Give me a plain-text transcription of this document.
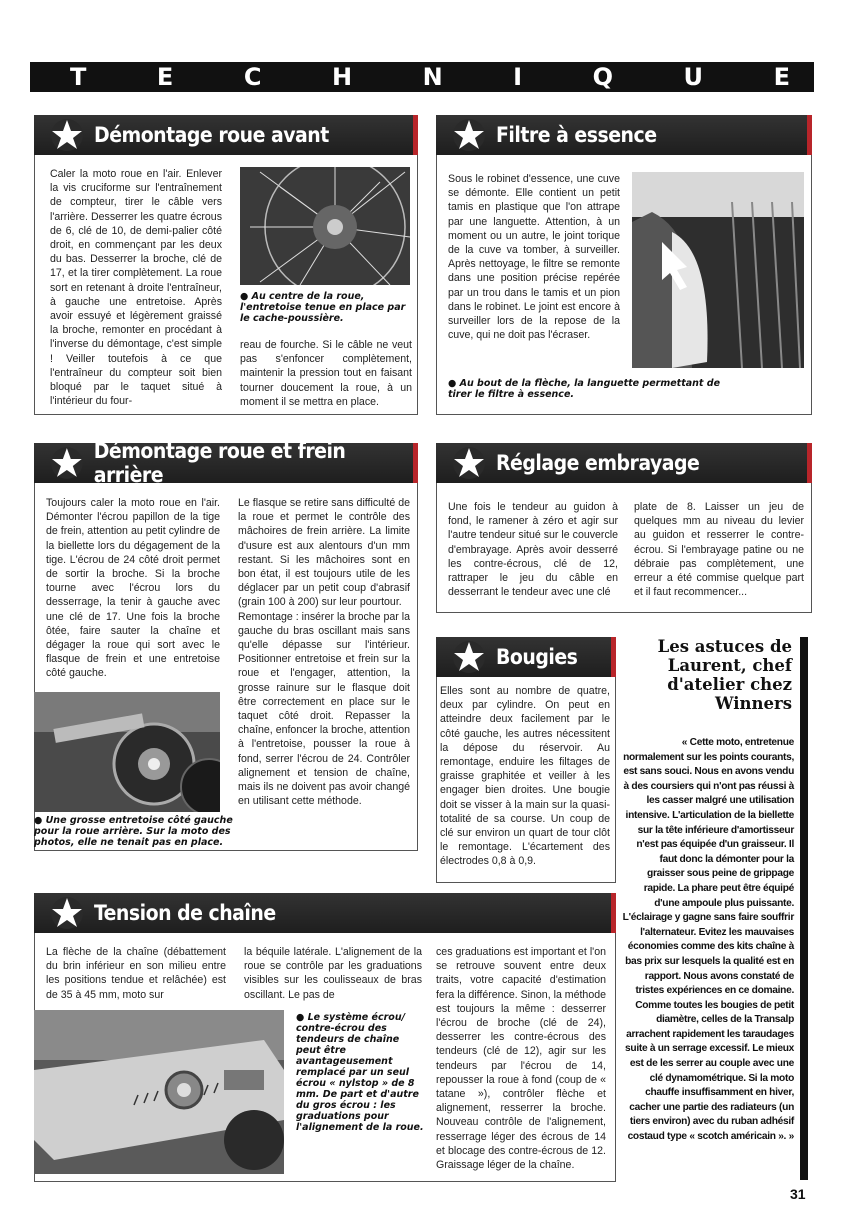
T	E	C	H	N	I	Q	U	E
Démontage roue avant
Caler la moto roue en l'air. Enlever la vis cruciforme sur l'entraînement de compteur, tirer le câble vers l'arrière. Desserrer les quatre écrous de 6, clé de 10, de demi-palier côté droit, en commençant par les deux du bas. Desserrer la broche, clé de 17, et la tirer complètement. La roue sort en retenant à droite l'entraîneur, à gauche une entretoise. Après avoir essuyé et légèrement graissé la broche, remonter en procédant à l'inverse du démontage, c'est simple ! Veiller toutefois à ce que l'entraîneur du compteur soit bien bloqué par le taquet situé à l'intérieur du four-
● Au centre de la roue, l'entretoise tenue en place par le cache-poussière.
reau de fourche. Si le câble ne veut pas s'enfoncer complètement, maintenir la pression tout en faisant tourner doucement la roue, à un moment il se mettra en place.
Filtre à essence
Sous le robinet d'essence, une cuve se démonte. Elle contient un petit tamis en plastique que l'on attrape par une languette. Attention, à un moment ou un autre, le joint torique de la cuve va tomber, à surveiller. Après nettoyage, le filtre se remonte dans une position précise repérée par un trou dans le tamis et un pion dans le robinet. Le joint est encore à surveiller lors de la repose de la cuve, qui ne doit pas l'écraser.
● Au bout de la flèche, la languette permettant de tirer le filtre à essence.
Démontage roue et frein arrière
Toujours caler la moto roue en l'air. Démonter l'écrou papillon de la tige de frein, attention au petit cylindre de la biellette lors du dégagement de la tige. L'écrou de 24 côté droit permet de sortir la broche. Si la broche tourne avec l'écrou lors du desserrage, la tenir à gauche avec une clé de 17. Une fois la broche ôtée, faire sauter la chaîne et dégager la roue qui sort avec le flasque de frein et une entretoise côté gauche.
● Une grosse entretoise côté gauche pour la roue arrière. Sur la moto des photos, elle ne tenait pas en place.
Le flasque se retire sans difficulté de la roue et permet le contrôle des mâchoires de frein arrière. La limite d'usure est aux alentours d'un mm restant. Si les mâchoires sont en bon état, il est toujours utile de les déglacer par un petit coup d'abrasif (grain 100 à 200) sur leur pourtour.
Remontage : insérer la broche par la gauche du bras oscillant mais sans qu'elle dépasse sur l'intérieur. Positionner entretoise et frein sur la roue et l'engager, attention, la grosse rainure sur le flasque doit être correctement en place sur le taquet côté droit. Repasser la chaîne, enfoncer la broche, attention à l'entretoise, pousser la roue à fond, serrer l'écrou de 24. Contrôler alignement et tension de chaîne, mais ils ne doivent pas avoir changé en utilisant cette méthode.
Réglage embrayage
Une fois le tendeur au guidon à fond, le ramener à zéro et agir sur l'autre tendeur situé sur le couvercle d'embrayage. Après avoir desserré les contre-écrous, clé de 12, rattraper le jeu du câble en desserrant le tendeur avec une clé
plate de 8. Laisser un jeu de quelques mm au niveau du levier au guidon et resserrer le contre-écrou. Si l'embrayage patine ou ne débraie pas complètement, une erreur a été commise quelque part et il faut recommencer...
Bougies
Elles sont au nombre de quatre, deux par cylindre. On peut en atteindre deux facilement par le côté gauche, les autres nécessitent la dépose du réservoir. Au remontage, enduire les filtages de graisse graphitée et veiller à les engager bien droites. Une bougie doit se visser à la main sur la quasi-totalité de sa course. Un coup de clé sur environ un quart de tour clôt le remontage. L'écartement des électrodes 0,8 à 0,9.
Tension de chaîne
La flèche de la chaîne (débattement du brin inférieur en son milieu entre les positions tendue et relâchée) est de 35 à 45 mm, moto sur
la béquile latérale. L'alignement de la roue se contrôle par les graduations visibles sur les coulisseaux de bras oscillant. Le pas de
ces graduations est important et l'on se retrouve souvent entre deux traits, votre capacité d'estimation fera la différence. Sinon, la méthode est toujours la même : desserrer l'écrou de broche (clé de 24), desserrer les contre-écrous des tendeurs (clé de 12), agir sur les tendeurs par l'écrou de 14, repousser la roue à fond (coup de « tatane »), contrôler flèche et alignement, resserrer la broche. Nouveau contrôle de l'alignement, resserrage léger des écrous de 14 et blocage des contre-écrous de 12. Graissage léger de la chaîne.
● Le système écrou/ contre-écrou des tendeurs de chaîne peut être avantageusement remplacé par un seul écrou « nylstop » de 8 mm. De part et d'autre du gros écrou : les graduations pour l'alignement de la roue.
Les astuces de Laurent, chef d'atelier chez Winners
« Cette moto, entretenue normalement sur les points courants, est sans souci. Nous en avons vendu à des coursiers qui n'ont pas réussi à les casser malgré une utilisation intensive. L'articulation de la biellette sur la tête inférieure d'amortisseur n'est pas équipée d'un graisseur. Il faut donc la démonter pour la graisser sous peine de grippage rapide. La phare peut être équipé d'une ampoule plus puissante. L'éclairage y gagne sans faire souffrir l'alternateur. Evitez les mauvaises économies comme des kits chaîne à bas prix sur lesquels la qualité est en rapport. Nous avons constaté de tristes expériences en ce domaine. Comme toutes les bougies de petit diamètre, celles de la Transalp arrachent rapidement les taraudages suite à un serrage excessif. Le mieux est de les serrer au couple avec une clé dynamométrique. Si la moto chauffe insuffisamment en hiver, cacher une partie des radiateurs (un tiers environ) avec du ruban adhésif costaud type « scotch américain ». »
31
